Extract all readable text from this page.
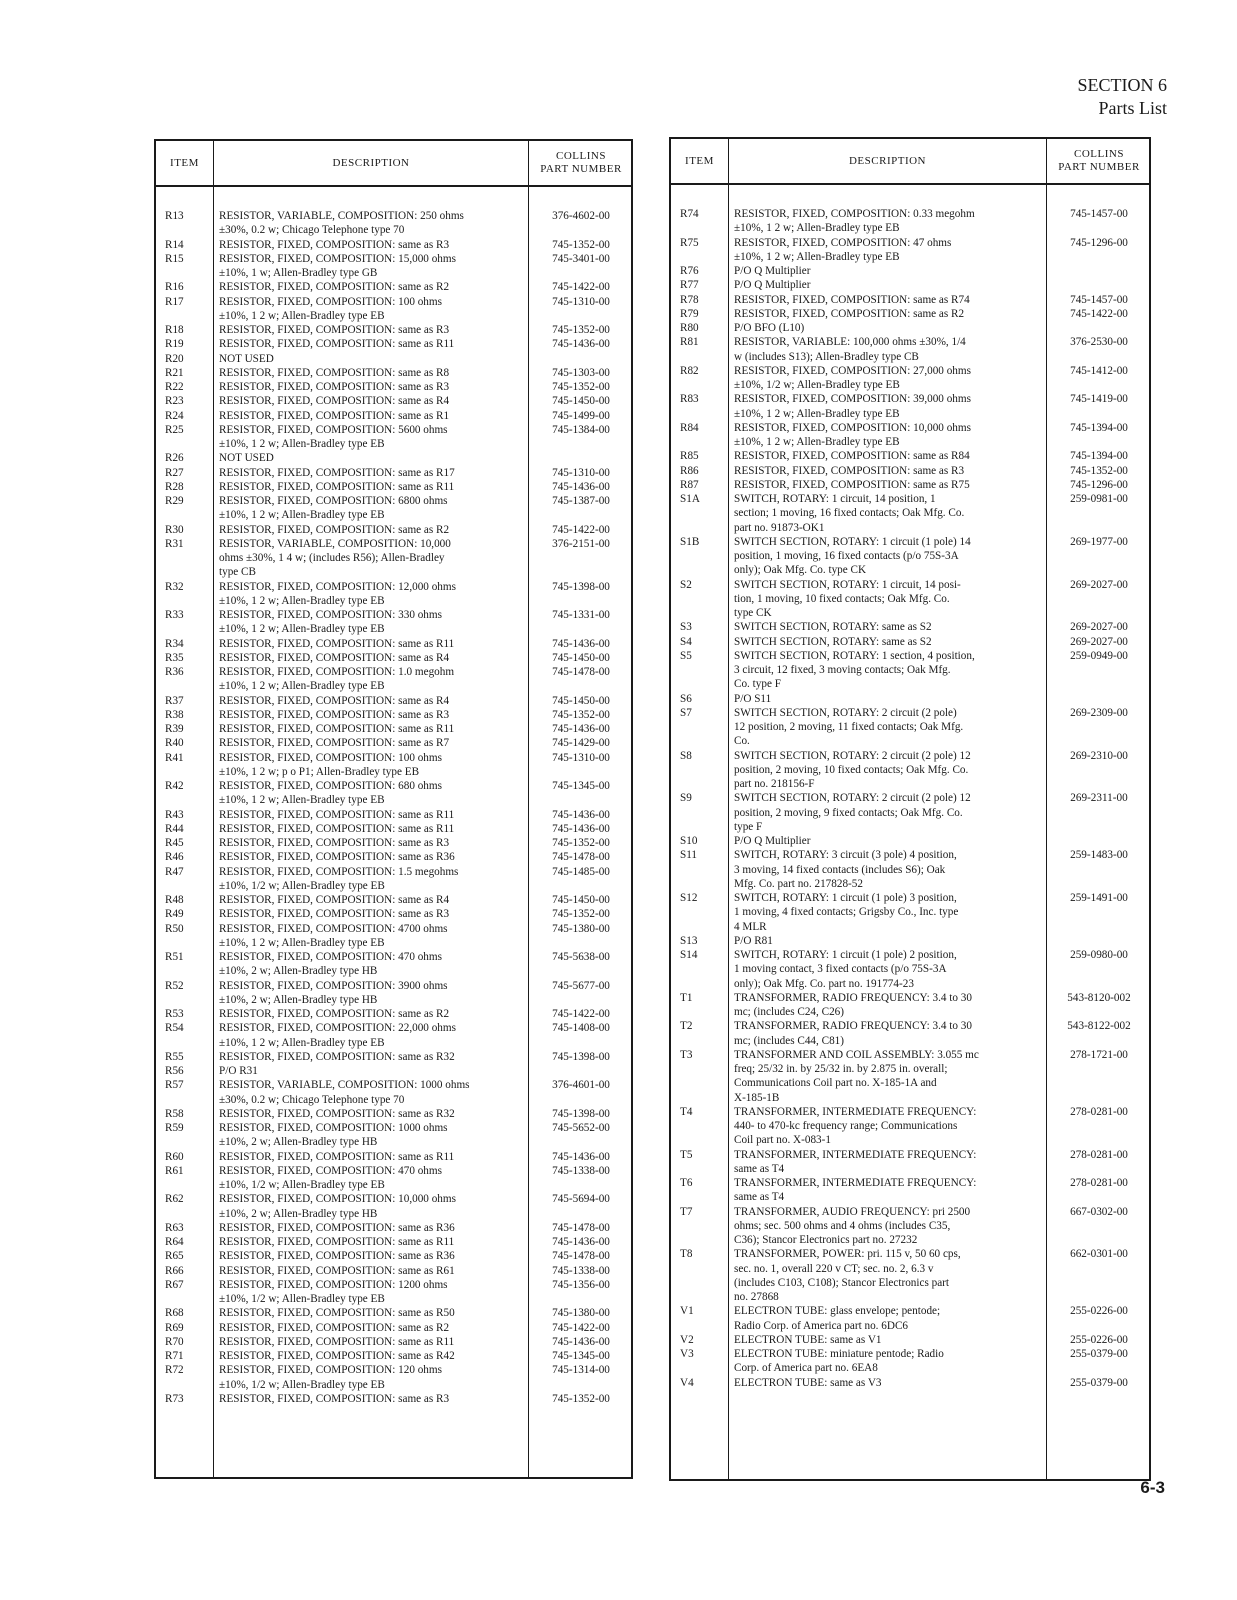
SECTION 6
Parts List
ITEM	DESCRIPTION
COLLINS
PART NUMBER
R13	RESISTOR, VARIABLE, COMPOSITION: 250 ohms
±30%, 0.2 w; Chicago Telephone type 70
376-4602-00
R14	RESISTOR, FIXED, COMPOSITION: same as R3	745-1352-00
R15	RESISTOR, FIXED, COMPOSITION: 15,000 ohms
±10%, 1 w; Allen-Bradley type GB
745-3401-00
R16	RESISTOR, FIXED, COMPOSITION: same as R2	745-1422-00
R17	RESISTOR, FIXED, COMPOSITION: 100 ohms
±10%, 1 2 w; Allen-Bradley type EB
745-1310-00
R18	RESISTOR, FIXED, COMPOSITION: same as R3	745-1352-00
R19	RESISTOR, FIXED, COMPOSITION: same as R11	745-1436-00
R20	NOT USED
R21	RESISTOR, FIXED, COMPOSITION: same as R8	745-1303-00
R22	RESISTOR, FIXED, COMPOSITION: same as R3	745-1352-00
R23	RESISTOR, FIXED, COMPOSITION: same as R4	745-1450-00
R24	RESISTOR, FIXED, COMPOSITION: same as R1	745-1499-00
R25	RESISTOR, FIXED, COMPOSITION: 5600 ohms
±10%, 1 2 w; Allen-Bradley type EB
745-1384-00
R26	NOT USED
R27	RESISTOR, FIXED, COMPOSITION: same as R17	745-1310-00
R28	RESISTOR, FIXED, COMPOSITION: same as R11	745-1436-00
R29	RESISTOR, FIXED, COMPOSITION: 6800 ohms
±10%, 1 2 w; Allen-Bradley type EB
745-1387-00
R30	RESISTOR, FIXED, COMPOSITION: same as R2	745-1422-00
R31	RESISTOR, VARIABLE, COMPOSITION: 10,000
ohms ±30%, 1 4 w; (includes R56); Allen-Bradley
type CB
376-2151-00
R32	RESISTOR, FIXED, COMPOSITION: 12,000 ohms
±10%, 1 2 w; Allen-Bradley type EB
745-1398-00
R33	RESISTOR, FIXED, COMPOSITION: 330 ohms
±10%, 1 2 w; Allen-Bradley type EB
745-1331-00
R34	RESISTOR, FIXED, COMPOSITION: same as R11	745-1436-00
R35	RESISTOR, FIXED, COMPOSITION: same as R4	745-1450-00
R36	RESISTOR, FIXED, COMPOSITION: 1.0 megohm
±10%, 1 2 w; Allen-Bradley type EB
745-1478-00
R37	RESISTOR, FIXED, COMPOSITION: same as R4	745-1450-00
R38	RESISTOR, FIXED, COMPOSITION: same as R3	745-1352-00
R39	RESISTOR, FIXED, COMPOSITION: same as R11	745-1436-00
R40	RESISTOR, FIXED, COMPOSITION: same as R7	745-1429-00
R41	RESISTOR, FIXED, COMPOSITION: 100 ohms
±10%, 1 2 w; p o P1; Allen-Bradley type EB
745-1310-00
R42	RESISTOR, FIXED, COMPOSITION: 680 ohms
±10%, 1 2 w; Allen-Bradley type EB
745-1345-00
R43	RESISTOR, FIXED, COMPOSITION: same as R11	745-1436-00
R44	RESISTOR, FIXED, COMPOSITION: same as R11	745-1436-00
R45	RESISTOR, FIXED, COMPOSITION: same as R3	745-1352-00
R46	RESISTOR, FIXED, COMPOSITION: same as R36	745-1478-00
R47	RESISTOR, FIXED, COMPOSITION: 1.5 megohms
±10%, 1/2 w; Allen-Bradley type EB
745-1485-00
R48	RESISTOR, FIXED, COMPOSITION: same as R4	745-1450-00
R49	RESISTOR, FIXED, COMPOSITION: same as R3	745-1352-00
R50	RESISTOR, FIXED, COMPOSITION: 4700 ohms
±10%, 1 2 w; Allen-Bradley type EB
745-1380-00
R51	RESISTOR, FIXED, COMPOSITION: 470 ohms
±10%, 2 w; Allen-Bradley type HB
745-5638-00
R52	RESISTOR, FIXED, COMPOSITION: 3900 ohms
±10%, 2 w; Allen-Bradley type HB
745-5677-00
R53	RESISTOR, FIXED, COMPOSITION: same as R2	745-1422-00
R54	RESISTOR, FIXED, COMPOSITION: 22,000 ohms
±10%, 1 2 w; Allen-Bradley type EB
745-1408-00
R55	RESISTOR, FIXED, COMPOSITION: same as R32	745-1398-00
R56	P/O R31
R57	RESISTOR, VARIABLE, COMPOSITION: 1000 ohms
±30%, 0.2 w; Chicago Telephone type 70
376-4601-00
R58	RESISTOR, FIXED, COMPOSITION: same as R32	745-1398-00
R59	RESISTOR, FIXED, COMPOSITION: 1000 ohms
±10%, 2 w; Allen-Bradley type HB
745-5652-00
R60	RESISTOR, FIXED, COMPOSITION: same as R11	745-1436-00
R61	RESISTOR, FIXED, COMPOSITION: 470 ohms
±10%, 1/2 w; Allen-Bradley type EB
745-1338-00
R62	RESISTOR, FIXED, COMPOSITION: 10,000 ohms
±10%, 2 w; Allen-Bradley type HB
745-5694-00
R63	RESISTOR, FIXED, COMPOSITION: same as R36	745-1478-00
R64	RESISTOR, FIXED, COMPOSITION: same as R11	745-1436-00
R65	RESISTOR, FIXED, COMPOSITION: same as R36	745-1478-00
R66	RESISTOR, FIXED, COMPOSITION: same as R61	745-1338-00
R67	RESISTOR, FIXED, COMPOSITION: 1200 ohms
±10%, 1/2 w; Allen-Bradley type EB
745-1356-00
R68	RESISTOR, FIXED, COMPOSITION: same as R50	745-1380-00
R69	RESISTOR, FIXED, COMPOSITION: same as R2	745-1422-00
R70	RESISTOR, FIXED, COMPOSITION: same as R11	745-1436-00
R71	RESISTOR, FIXED, COMPOSITION: same as R42	745-1345-00
R72	RESISTOR, FIXED, COMPOSITION: 120 ohms
±10%, 1/2 w; Allen-Bradley type EB
745-1314-00
R73	RESISTOR, FIXED, COMPOSITION: same as R3	745-1352-00
ITEM	DESCRIPTION
COLLINS
PART NUMBER
R74	RESISTOR, FIXED, COMPOSITION: 0.33 megohm
±10%, 1 2 w; Allen-Bradley type EB
745-1457-00
R75	RESISTOR, FIXED, COMPOSITION: 47 ohms
±10%, 1 2 w; Allen-Bradley type EB
745-1296-00
R76	P/O Q Multiplier
R77	P/O Q Multiplier
R78	RESISTOR, FIXED, COMPOSITION: same as R74	745-1457-00
R79	RESISTOR, FIXED, COMPOSITION: same as R2	745-1422-00
R80	P/O BFO (L10)
R81	RESISTOR, VARIABLE: 100,000 ohms ±30%, 1/4
w (includes S13); Allen-Bradley type CB
376-2530-00
R82	RESISTOR, FIXED, COMPOSITION: 27,000 ohms
±10%, 1/2 w; Allen-Bradley type EB
745-1412-00
R83	RESISTOR, FIXED, COMPOSITION: 39,000 ohms
±10%, 1 2 w; Allen-Bradley type EB
745-1419-00
R84	RESISTOR, FIXED, COMPOSITION: 10,000 ohms
±10%, 1 2 w; Allen-Bradley type EB
745-1394-00
R85	RESISTOR, FIXED, COMPOSITION: same as R84	745-1394-00
R86	RESISTOR, FIXED, COMPOSITION: same as R3	745-1352-00
R87	RESISTOR, FIXED, COMPOSITION: same as R75	745-1296-00
S1A	SWITCH, ROTARY: 1 circuit, 14 position, 1
section; 1 moving, 16 fixed contacts; Oak Mfg. Co.
part no. 91873-OK1
259-0981-00
S1B	SWITCH SECTION, ROTARY: 1 circuit (1 pole) 14
position, 1 moving, 16 fixed contacts (p/o 75S-3A
only); Oak Mfg. Co. type CK
269-1977-00
S2	SWITCH SECTION, ROTARY: 1 circuit, 14 posi-
tion, 1 moving, 10 fixed contacts; Oak Mfg. Co.
type CK
269-2027-00
S3	SWITCH SECTION, ROTARY: same as S2	269-2027-00
S4	SWITCH SECTION, ROTARY: same as S2	269-2027-00
S5	SWITCH SECTION, ROTARY: 1 section, 4 position,
3 circuit, 12 fixed, 3 moving contacts; Oak Mfg.
Co. type F
259-0949-00
S6	P/O S11
S7	SWITCH SECTION, ROTARY: 2 circuit (2 pole)
12 position, 2 moving, 11 fixed contacts; Oak Mfg.
Co.
269-2309-00
S8	SWITCH SECTION, ROTARY: 2 circuit (2 pole) 12
position, 2 moving, 10 fixed contacts; Oak Mfg. Co.
part no. 218156-F
269-2310-00
S9	SWITCH SECTION, ROTARY: 2 circuit (2 pole) 12
position, 2 moving, 9 fixed contacts; Oak Mfg. Co.
type F
269-2311-00
S10	P/O Q Multiplier
S11	SWITCH, ROTARY: 3 circuit (3 pole) 4 position,
3 moving, 14 fixed contacts (includes S6); Oak
Mfg. Co. part no. 217828-52
259-1483-00
S12	SWITCH, ROTARY: 1 circuit (1 pole) 3 position,
1 moving, 4 fixed contacts; Grigsby Co., Inc. type
4 MLR
259-1491-00
S13	P/O R81
S14	SWITCH, ROTARY: 1 circuit (1 pole) 2 position,
1 moving contact, 3 fixed contacts (p/o 75S-3A
only); Oak Mfg. Co. part no. 191774-23
259-0980-00
T1	TRANSFORMER, RADIO FREQUENCY: 3.4 to 30
mc; (includes C24, C26)
543-8120-002
T2	TRANSFORMER, RADIO FREQUENCY: 3.4 to 30
mc; (includes C44, C81)
543-8122-002
T3	TRANSFORMER AND COIL ASSEMBLY: 3.055 mc
freq; 25/32 in. by 25/32 in. by 2.875 in. overall;
Communications Coil part no. X-185-1A and
X-185-1B
278-1721-00
T4	TRANSFORMER, INTERMEDIATE FREQUENCY:
440- to 470-kc frequency range; Communications
Coil part no. X-083-1
278-0281-00
T5	TRANSFORMER, INTERMEDIATE FREQUENCY:
same as T4
278-0281-00
T6	TRANSFORMER, INTERMEDIATE FREQUENCY:
same as T4
278-0281-00
T7	TRANSFORMER, AUDIO FREQUENCY: pri 2500
ohms; sec. 500 ohms and 4 ohms (includes C35,
C36); Stancor Electronics part no. 27232
667-0302-00
T8	TRANSFORMER, POWER: pri. 115 v, 50 60 cps,
sec. no. 1, overall 220 v CT; sec. no. 2, 6.3 v
(includes C103, C108); Stancor Electronics part
no. 27868
662-0301-00
V1	ELECTRON TUBE: glass envelope; pentode;
Radio Corp. of America part no. 6DC6
255-0226-00
V2	ELECTRON TUBE: same as V1	255-0226-00
V3	ELECTRON TUBE: miniature pentode; Radio
Corp. of America part no. 6EA8
255-0379-00
V4	ELECTRON TUBE: same as V3	255-0379-00
6-3
